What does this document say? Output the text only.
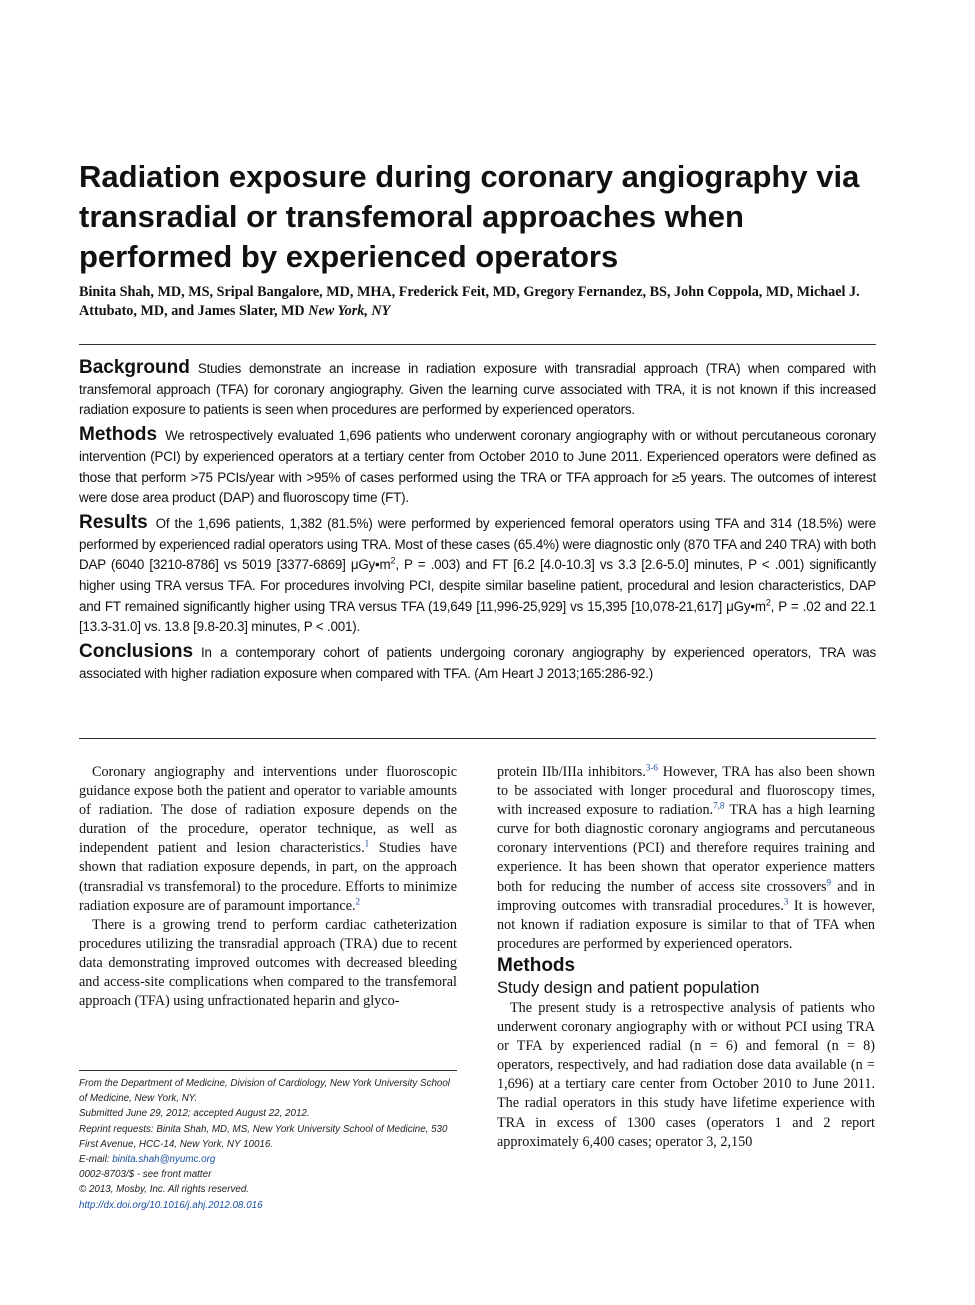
Radiation exposure during coronary angiography via transradial or transfemoral approaches when performed by experienced operators
Binita Shah, MD, MS, Sripal Bangalore, MD, MHA, Frederick Feit, MD, Gregory Fernandez, BS, John Coppola, MD, Michael J. Attubato, MD, and James Slater, MD New York, NY

Background Studies demonstrate an increase in radiation exposure with transradial approach (TRA) when compared with transfemoral approach (TFA) for coronary angiography. Given the learning curve associated with TRA, it is not known if this increased radiation exposure to patients is seen when procedures are performed by experienced operators.

Methods We retrospectively evaluated 1,696 patients who underwent coronary angiography with or without percutaneous coronary intervention (PCI) by experienced operators at a tertiary center from October 2010 to June 2011. Experienced operators were defined as those that perform >75 PCIs/year with >95% of cases performed using the TRA or TFA approach for ≥5 years. The outcomes of interest were dose area product (DAP) and fluoroscopy time (FT).

Results Of the 1,696 patients, 1,382 (81.5%) were performed by experienced femoral operators using TFA and 314 (18.5%) were performed by experienced radial operators using TRA. Most of these cases (65.4%) were diagnostic only (870 TFA and 240 TRA) with both DAP (6040 [3210-8786] vs 5019 [3377-6869] $\mu Gy•m^2$, P = .003) and FT [6.2 [4.0-10.3] vs 3.3 [2.6-5.0] minutes, P < .001) significantly higher using TRA versus TFA. For procedures involving PCI, despite similar baseline patient, procedural and lesion characteristics, DAP and FT remained significantly higher using TRA versus TFA (19,649 [11,996-25,929] vs 15,395 [10,078-21,617] $\mu Gy•m^2$, P = .02 and 22.1 [13.3-31.0] vs. 13.8 [9.8-20.3] minutes, P < .001).

Conclusions In a contemporary cohort of patients undergoing coronary angiography by experienced operators, TRA was associated with higher radiation exposure when compared with TFA. (Am Heart J 2013;165:286-92.)

Coronary angiography and interventions under fluoroscopic guidance expose both the patient and operator to variable amounts of radiation. The dose of radiation exposure depends on the duration of the procedure, operator technique, as well as independent patient and lesion characteristics.$^1$ Studies have shown that radiation exposure depends, in part, on the approach (transradial vs transfemoral) to the procedure. Efforts to minimize radiation exposure are of paramount importance.$^2$

There is a growing trend to perform cardiac catheterization procedures utilizing the transradial approach (TRA) due to recent data demonstrating improved outcomes with decreased bleeding and access-site complications when compared to the transfemoral approach (TFA) using unfractionated heparin and glyco-

protein IIb/IIIa inhibitors.$^{3-6}$ However, TRA has also been shown to be associated with longer procedural and fluoroscopy times, with increased exposure to radiation.$^{7,8}$ TRA has a high learning curve for both diagnostic coronary angiograms and percutaneous coronary interventions (PCI) and therefore requires training and experience. It has been shown that operator experience matters both for reducing the number of access site crossovers$^9$ and in improving outcomes with transradial procedures.$^3$ It is however, not known if radiation exposure is similar to that of TFA when procedures are performed by experienced operators.

Methods

Study design and patient population

The present study is a retrospective analysis of patients who underwent coronary angiography with or without PCI using TRA or TFA by experienced radial (n = 6) and femoral (n = 8) operators, respectively, and had radiation dose data available (n = 1,696) at a tertiary care center from October 2010 to June 2011. The radial operators in this study have lifetime experience with TRA in excess of 1300 cases (operators 1 and 2 report approximately 6,400 cases; operator 3, 2,150

From the Department of Medicine, Division of Cardiology, New York University School of Medicine, New York, NY.
Submitted June 29, 2012; accepted August 22, 2012.
Reprint requests: Binita Shah, MD, MS, New York University School of Medicine, 530 First Avenue, HCC-14, New York, NY 10016.
E-mail: binita.shah@nyumc.org
0002-8703/$ - see front matter
© 2013, Mosby, Inc. All rights reserved.
http://dx.doi.org/10.1016/j.ahj.2012.08.016
